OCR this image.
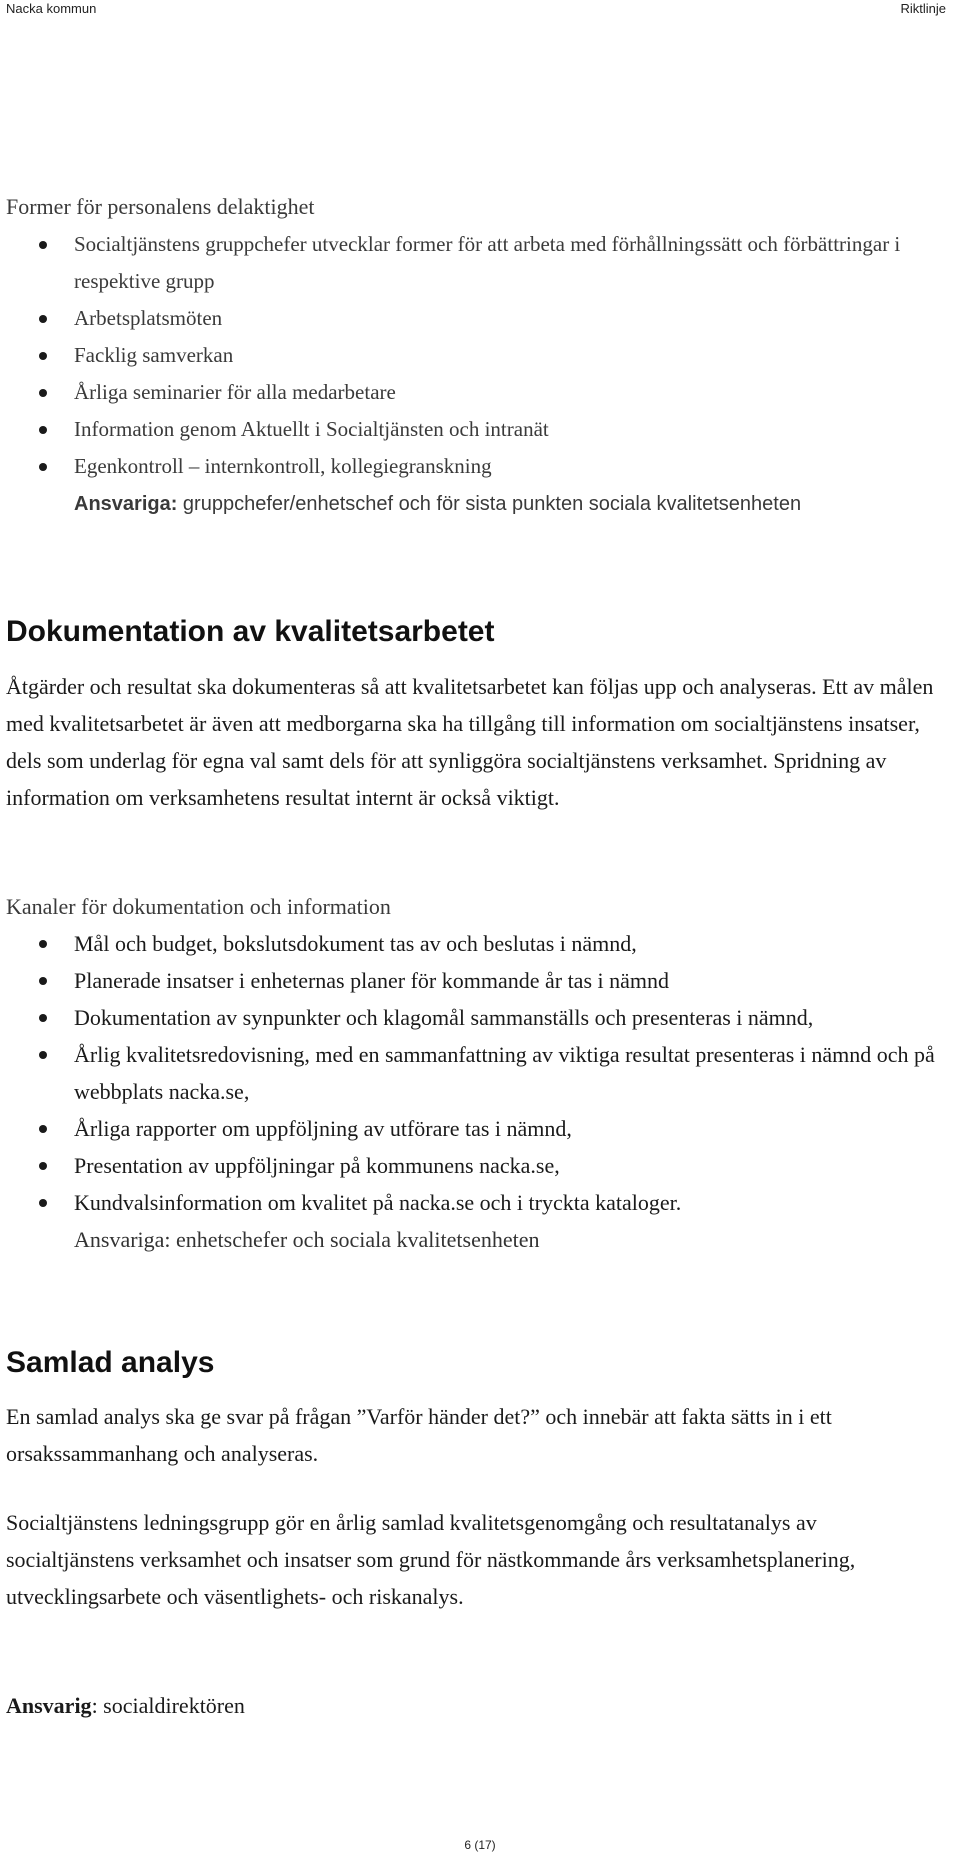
Nacka kommun	Riktlinje
Former för personalens delaktighet
Socialtjänstens gruppchefer utvecklar former för att arbeta med förhållningssätt och förbättringar i respektive grupp
Arbetsplatsmöten
Facklig samverkan
Årliga seminarier för alla medarbetare
Information genom Aktuellt i Socialtjänsten och intranät
Egenkontroll – internkontroll, kollegiegranskning
Ansvariga: gruppchefer/enhetschef och för sista punkten sociala kvalitetsenheten
Dokumentation av kvalitetsarbetet

Åtgärder och resultat ska dokumenteras så att kvalitetsarbetet kan följas upp och analyseras. Ett av målen med kvalitetsarbetet är även att medborgarna ska ha tillgång till information om socialtjänstens insatser, dels som underlag för egna val samt dels för att synliggöra socialtjänstens verksamhet. Spridning av information om verksamhetens resultat internt är också viktigt.

Kanaler för dokumentation och information
Mål och budget, bokslutsdokument tas av och beslutas i nämnd,
Planerade insatser i enheternas planer för kommande år tas i nämnd
Dokumentation av synpunkter och klagomål sammanställs och presenteras i nämnd,
Årlig kvalitetsredovisning, med en sammanfattning av viktiga resultat presenteras i nämnd och på webbplats nacka.se,
Årliga rapporter om uppföljning av utförare tas i nämnd,
Presentation av uppföljningar på kommunens nacka.se,
Kundvalsinformation om kvalitet på nacka.se och i tryckta kataloger.
Ansvariga: enhetschefer och sociala kvalitetsenheten
Samlad analys

En samlad analys ska ge svar på frågan ”Varför händer det?” och innebär att fakta sätts in i ett orsakssammanhang och analyseras.

Socialtjänstens ledningsgrupp gör en årlig samlad kvalitetsgenomgång och resultatanalys av socialtjänstens verksamhet och insatser som grund för nästkommande års verksamhetsplanering, utvecklingsarbete och väsentlighets- och riskanalys.

Ansvarig: socialdirektören

6 (17)
